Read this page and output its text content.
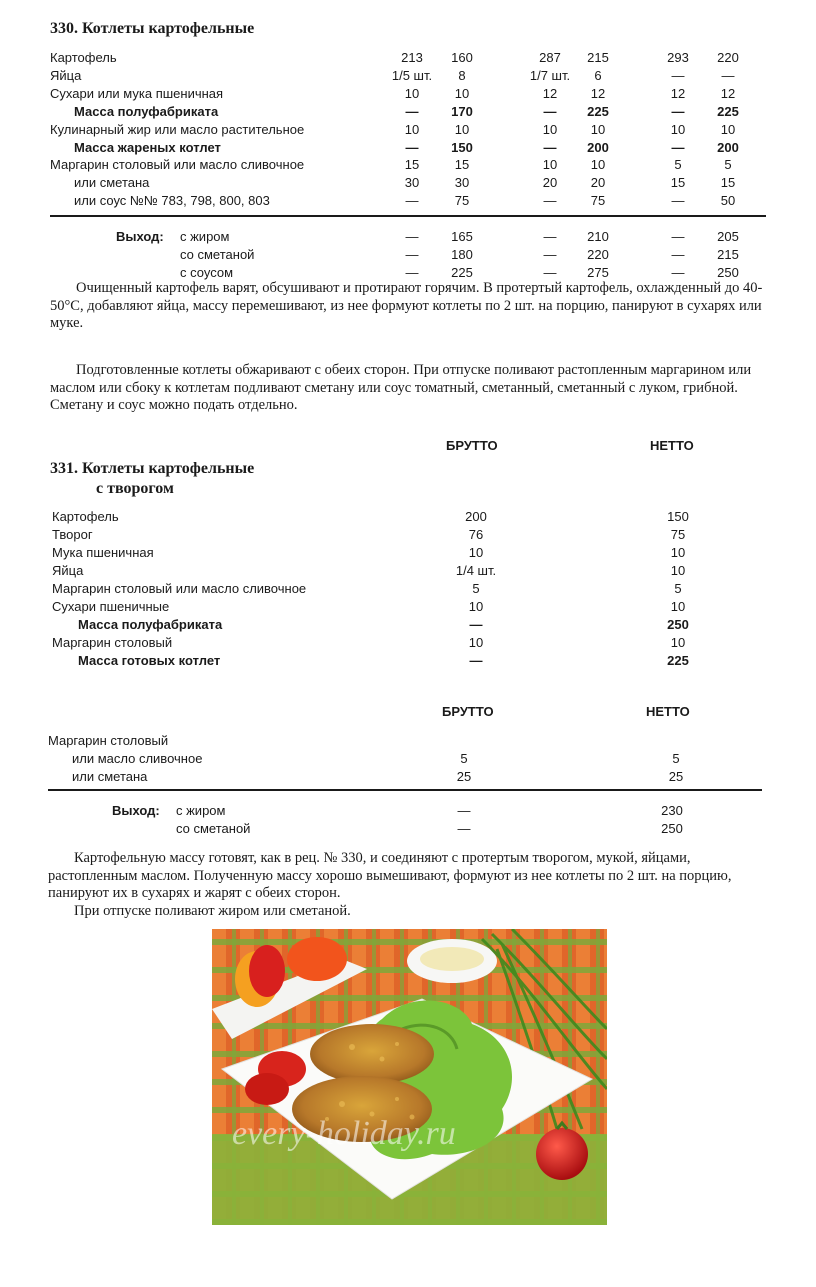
330. Котлеты картофельные
Картофель	213	160	287	215	293	220
Яйца	1/5 шт.	8	1/7 шт.	6	—	—
Сухари или мука пшеничная	10	10	12	12	12	12
Масса полуфабриката	—	170	—	225	—	225
Кулинарный жир или масло растительное	10	10	10	10	10	10
Масса жареных котлет	—	150	—	200	—	200
Маргарин столовый или масло сливочное	15	15	10	10	5	5
или сметана	30	30	20	20	15	15
или соус №№ 783, 798, 800, 803	—	75	—	75	—	50
Выход: с жиром	—	165	—	210	—	205
со сметаной	—	180	—	220	—	215
с соусом	—	225	—	275	—	250

Очищенный картофель варят, обсушивают и протирают горячим. В протертый картофель, охлажденный до 40-50°С, добавляют яйца, массу перемешивают, из нее формуют котлеты по 2 шт. на порцию, панируют в сухарях или муке.

Подготовленные котлеты обжаривают с обеих сторон. При отпуске поливают растопленным маргарином или маслом или сбоку к котлетам подливают сметану или соус томатный, сметанный, сметанный с луком, грибной. Сметану и соус можно подать отдельно.

БРУТТО	НЕТТО
331. Котлеты картофельные
с творогом
Картофель	200	150
Творог	76	75
Мука пшеничная	10	10
Яйца	1/4 шт.	10
Маргарин столовый или масло сливочное	5	5
Сухари пшеничные	10	10
Масса полуфабриката	—	250
Маргарин столовый	10	10
Масса готовых котлет	—	225
БРУТТО	НЕТТО
Маргарин столовый
или масло сливочное	5	5
или сметана	25	25
Выход: с жиром	—	230
со сметаной	—	250

Картофельную массу готовят, как в рец. № 330, и соединяют с протертым творогом, мукой, яйцами, растопленным маслом. Полученную массу хорошо вымешивают, формуют из нее котлеты по 2 шт. на порцию, панируют их в сухарях и жарят с обеих сторон.

При отпуске поливают жиром или сметаной.

every-holiday.ru
